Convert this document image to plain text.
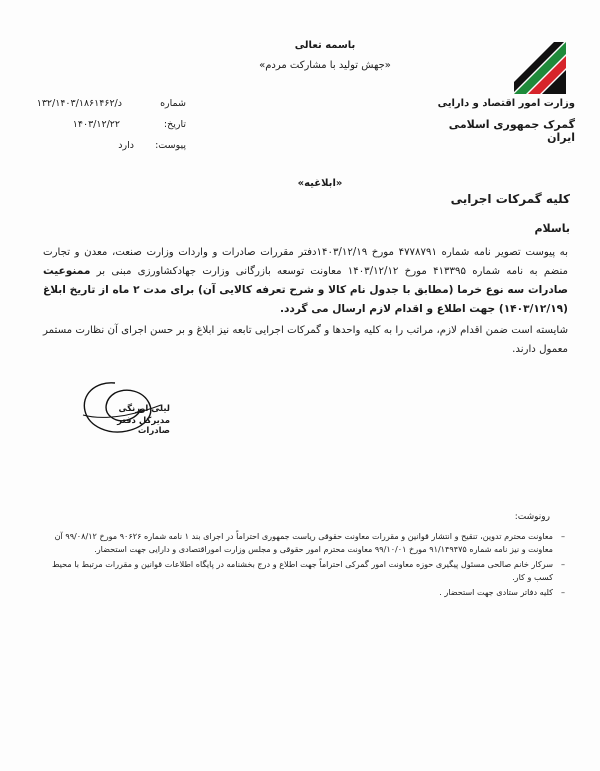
باسمه تعالی
«جهش تولید با مشارکت مردم»
وزارت امور اقتصاد و دارایی
گمرک جمهوری اسلامی ایران
شماره
۱۳۲/۱۴۰۳/۱۸۶۱۴۶۲/د
تاریخ:
۱۴۰۳/۱۲/۲۲
پیوست:
دارد
«ابلاغیه»
کلیه گمرکات اجرایی
باسلام
به پیوست تصویر نامه شماره ۴۷۷۸۷۹۱ مورخ ۱۴۰۳/۱۲/۱۹دفتر مقررات صادرات و واردات وزارت صنعت، معدن و تجارت منضم به نامه شماره ۴۱۳۳۹۵ مورخ ۱۴۰۳/۱۲/۱۲ معاونت توسعه بازرگانی وزارت جهادکشاورزی مبنی بر ممنوعیت صادرات سه نوع خرما (مطابق با جدول نام کالا و شرح تعرفه کالایی آن) برای مدت ۲ ماه از تاریخ ابلاغ (۱۴۰۳/۱۲/۱۹) جهت اطلاع و اقدام لازم ارسال می گردد.
شایسته است ضمن اقدام لازم، مراتب را به کلیه واحدها و گمرکات اجرایی تابعه نیز ابلاغ و بر حسن اجرای آن نظارت مستمر معمول دارند.
لیلی اورنگی
مدیرکل دفتر صادرات
رونوشت:
– معاونت محترم تدوین، تنقیح و انتشار قوانین و مقررات معاونت حقوقی ریاست جمهوری احتراماً در اجرای بند ۱ نامه شماره ۹۰۶۲۶ مورخ ۹۹/۰۸/۱۲ آن معاونت و نیز نامه شماره ۹۱/۱۴۹۴۷۵ مورخ ۹۹/۱۰/۰۱ معاونت محترم امور حقوقی و مجلس وزارت اموراقتصادی و دارایی جهت استحضار.
– سرکار خانم صالحی مسئول پیگیری حوزه معاونت امور گمرکی احتراماً جهت اطلاع و درج بخشنامه در پایگاه اطلاعات قوانین و مقررات مرتبط با محیط کسب و کار.
– کلیه دفاتر ستادی جهت استحضار .
